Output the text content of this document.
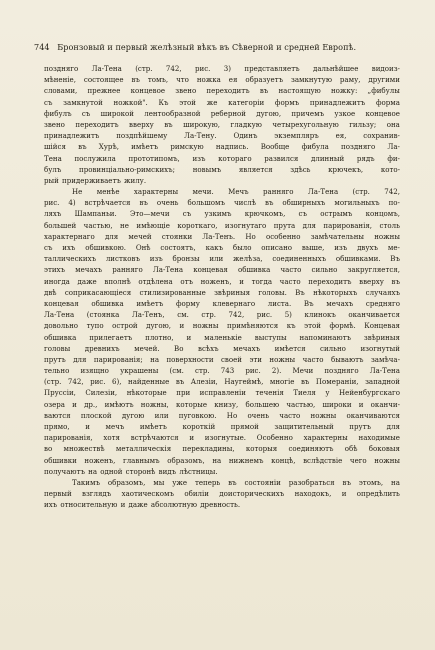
744 Бронзовый и первый желѣзный вѣкъ въ Сѣверной и средней Европѣ.
поздняго Ла-Тена (стр. 742, рис. 3) представляетъ дальнѣйшее видоиз-
мѣненіе, состоящее въ томъ, что ножка ея образуетъ замкнутую раму, другими
словами, прежнее концевое звено переходитъ въ настоящую ножку: „фибулы
съ замкнутой ножкой". Къ этой же категоріи формъ принадлежитъ форма
фибулъ съ широкой лентообразной реберной дугою, причемъ узкое концевое
звено переходитъ вверху въ широкую, гладкую четырехугольную гильзу; она
принадлежитъ поздпѣйшему Ла-Тену. Одинъ экземпляръ ея, сохранив-
шійся въ Хурѣ, имѣетъ римскую надпись. Вообще фибула поздняго Ла-
Тена послужила прототипомъ, изъ котораго развился длинный рядъ фи-
булъ	провинціально-римскихъ;	новымъ	является	здѣсь	крючекъ,	кото-
рый придерживаетъ жилу.
Не менѣе характерны мечи. Мечъ ранняго Ла-Тена (стр. 742,
рис. 4) встрѣчается въ очень большомъ числѣ въ обширныхъ могильныхъ по-
ляхъ Шампаньи. Это—мечи съ узкимъ крючкомъ, съ острымъ концомъ,
большей частью, не имѣющіе короткаго, изогнутаго прута для парированія, столь
характернаго для мечей стоянки Ла-Тенъ. Но особенно замѣчательны ножны
съ ихъ обшивкою. Онѣ состоятъ, какъ было описано выше, изъ двухъ ме-
таллическихъ листковъ изъ бронзы или желѣза, соединенныхъ обшивками. Въ
этихъ мечахъ ранняго Ла-Тена концевая обшивка часто сильно закругляется,
иногда даже вполнѣ отдѣлена отъ ноженъ, и тогда часто переходитъ вверху въ
двѣ соприкасающіеся стилизированные звѣриныя головы. Въ нѣкоторыхъ случаяхъ
концевая обшивка имѣетъ форму клевернаго листа. Въ мечахъ средняго
Ла-Тена (стоянка Ла-Тенъ, см. стр. 742, рис. 5) клинокъ оканчивается
довольно тупо острой дугою, и ножны примѣняются къ этой формѣ. Концевая
обшивка прилегаетъ плотно, и маленькіе выступы напоминаютъ звѣриныя
головы древнихъ мечей. Во всѣхъ мечахъ имѣется сильно изогнутый
прутъ для парированія; на поверхности своей эти ножны часто бываютъ замѣча-
тельно изящно украшены (см. стр. 743 рис. 2). Мечи поздняго Ла-Тена
(стр. 742, рис. 6), найденные въ Алезіи, Наугеймѣ, многіе въ Помераніи, западной
Пруссіи, Силезіи, нѣкоторые при исправленіи теченія Тиеля у Нейенбургскаго
озера и др., имѣютъ ножны, которые книзу, большею частью, широки и оканчи-
ваются плоской дугою или пуговкою. Но очень часто ножны оканчиваются
прямо, и мечъ имѣетъ короткій прямой защитительный прутъ для
парированія, хотя встрѣчаются и изогнутые. Особенно характерны находимые
во множествѣ металлическія перекладины, которыя соединяютъ обѣ боковыя
обшивки ноженъ, главнымъ образомъ, на нижнемъ концѣ, вслѣдствіе чего ножны
получаютъ на одной сторонѣ видъ лѣстницы.
Такимъ образомъ, мы уже теперь въ состояніи разобраться въ этомъ, на
первый взглядъ хаотическомъ обиліи доисторическихъ находокъ, и опредѣлить
ихъ относительную и даже абсолютную древность.
